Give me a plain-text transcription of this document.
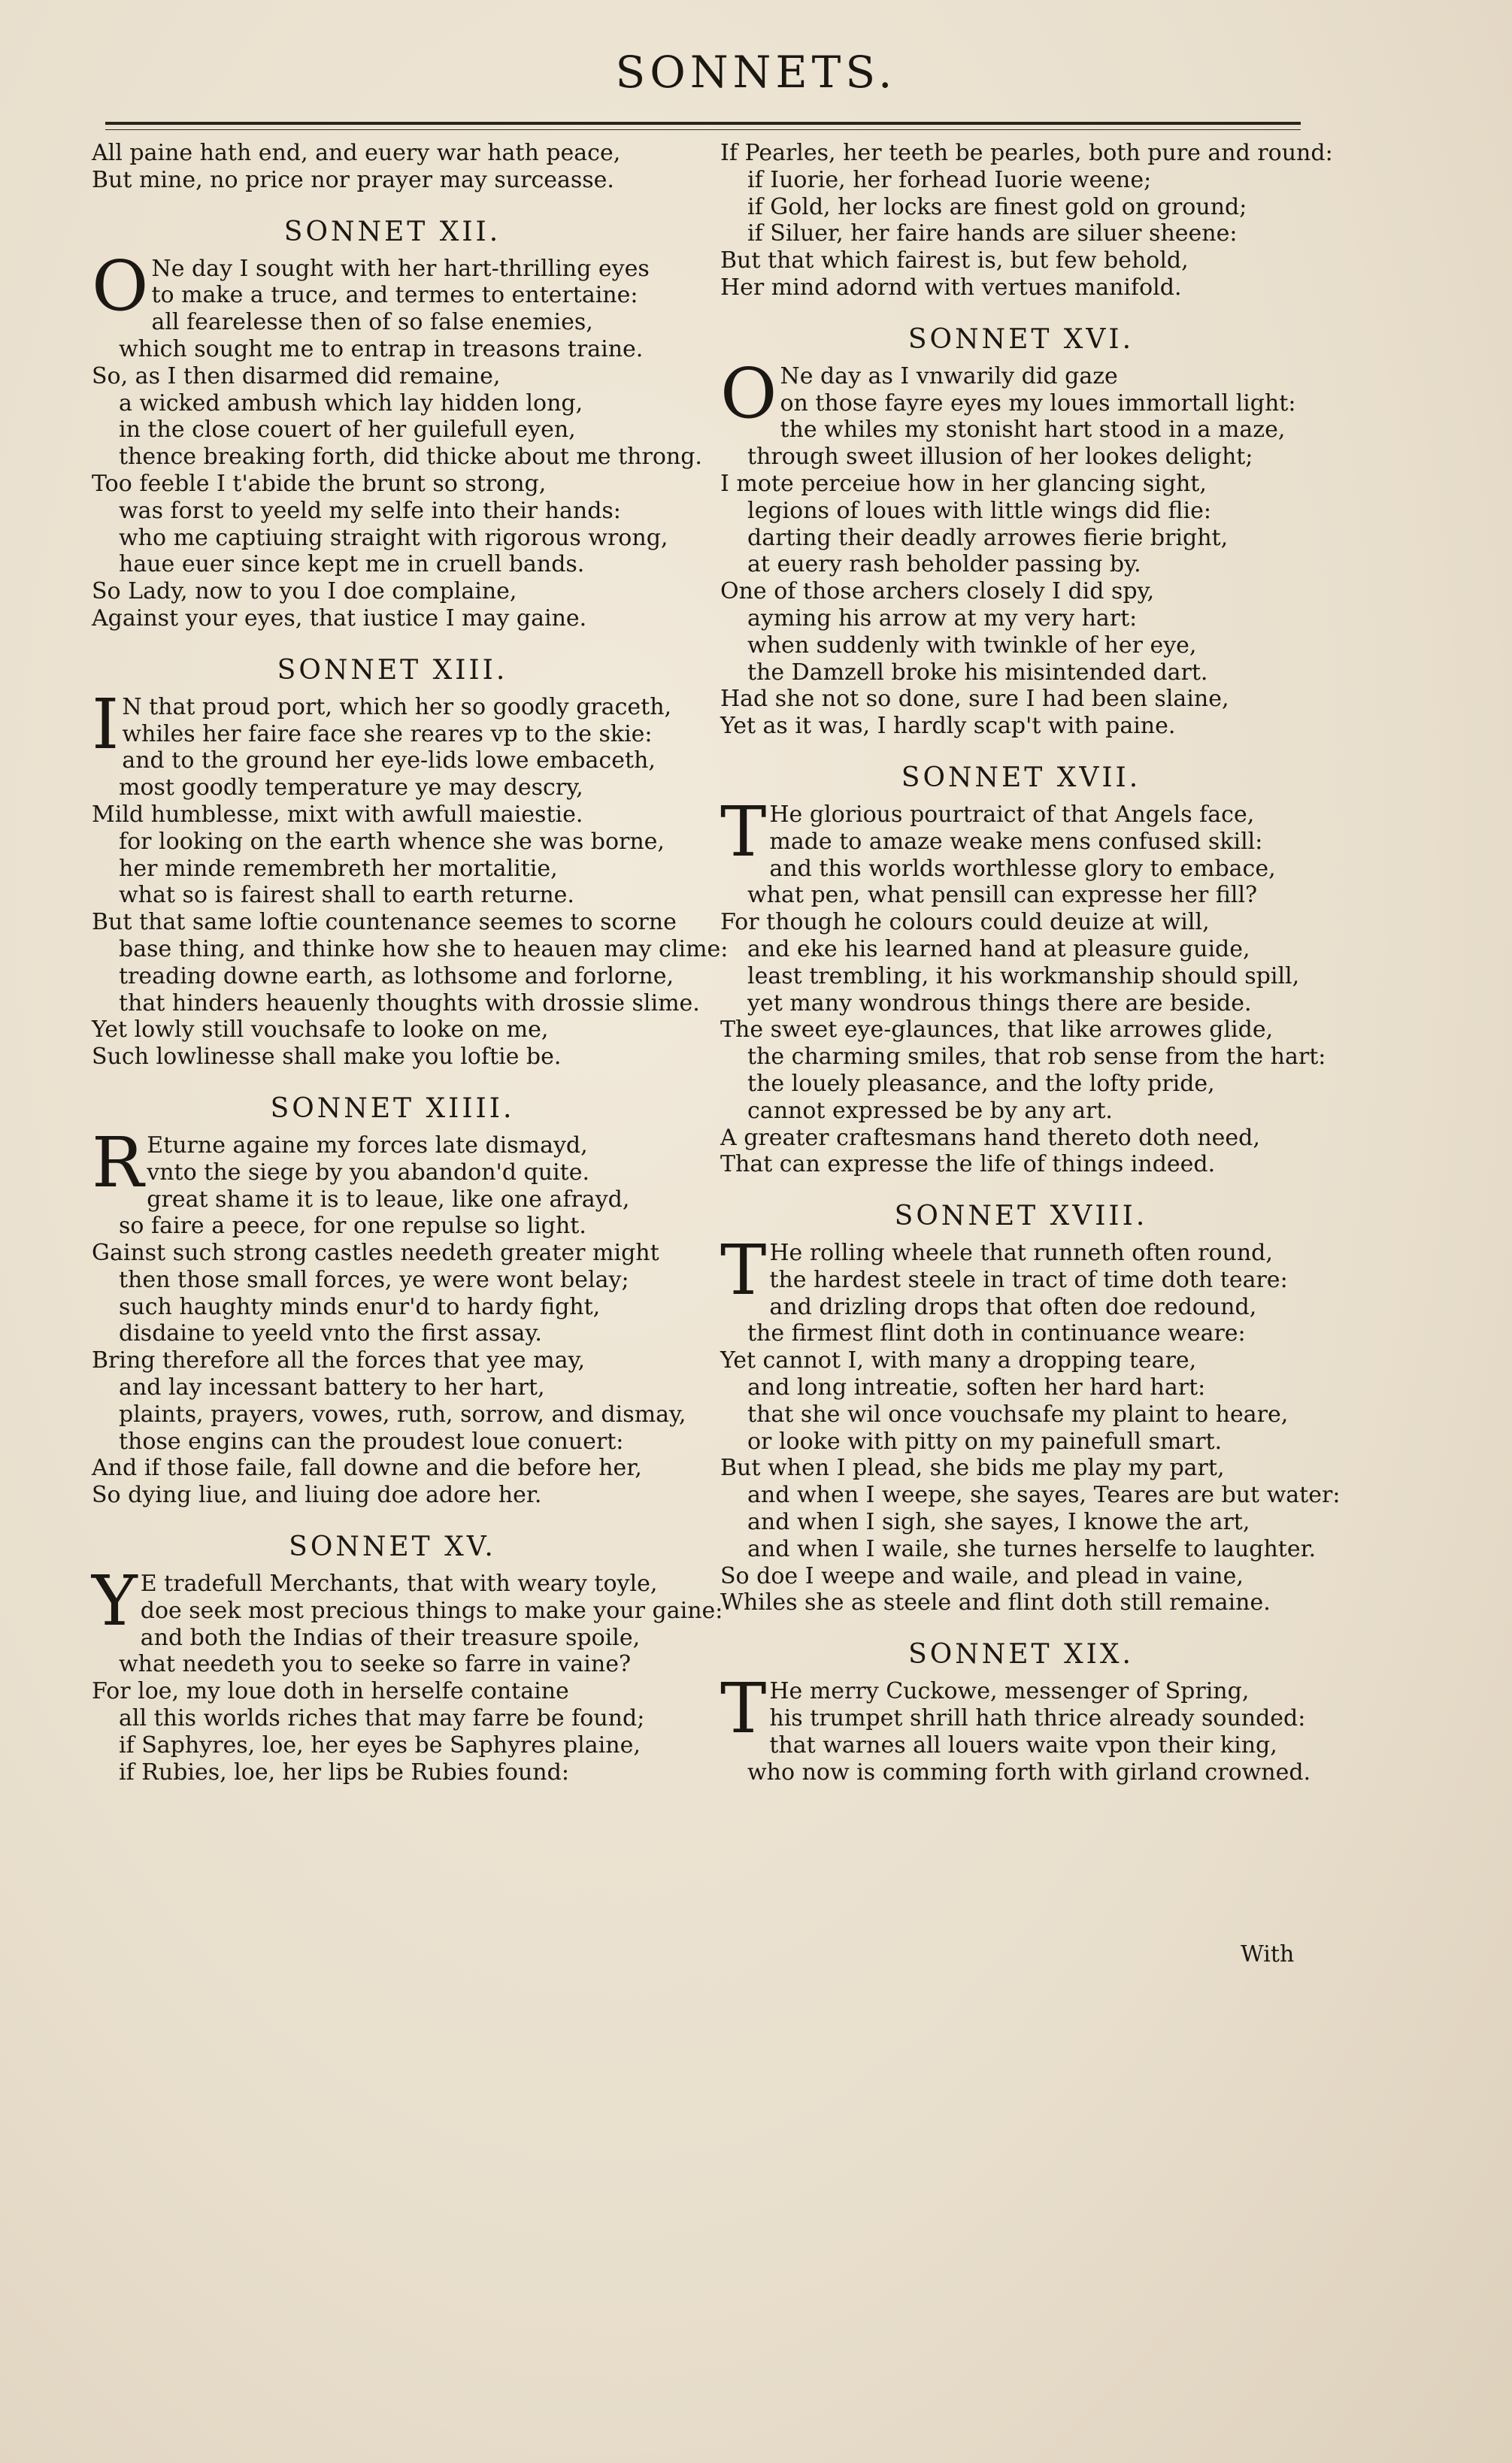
SONNETS.
All paine hath end, and euery war hath peace,
But mine, no price nor prayer may surceasse.
SONNET XII.
O Ne day I sought with her hart-thrilling eyes
to make a truce, and termes to entertaine:
all fearelesse then of so false enemies,
which sought me to entrap in treasons traine.
So, as I then disarmed did remaine,
a wicked ambush which lay hidden long,
in the close couert of her guilefull eyen,
thence breaking forth, did thicke about me throng.
Too feeble I t'abide the brunt so strong,
was forst to yeeld my selfe into their hands:
who me captiuing straight with rigorous wrong,
haue euer since kept me in cruell bands.
So Lady, now to you I doe complaine,
Against your eyes, that iustice I may gaine.
SONNET XIII.
I N that proud port, which her so goodly graceth,
whiles her faire face she reares vp to the skie:
and to the ground her eye-lids lowe embaceth,
most goodly temperature ye may descry,
Mild humblesse, mixt with awfull maiestie.
for looking on the earth whence she was borne,
her minde remembreth her mortalitie,
what so is fairest shall to earth returne.
But that same loftie countenance seemes to scorne
base thing, and thinke how she to heauen may clime:
treading downe earth, as lothsome and forlorne,
that hinders heauenly thoughts with drossie slime.
Yet lowly still vouchsafe to looke on me,
Such lowlinesse shall make you loftie be.
SONNET XIIII.
R Eturne againe my forces late dismayd,
vnto the siege by you abandon'd quite.
great shame it is to leaue, like one afrayd,
so faire a peece, for one repulse so light.
Gainst such strong castles needeth greater might
then those small forces, ye were wont belay;
such haughty minds enur'd to hardy fight,
disdaine to yeeld vnto the first assay.
Bring therefore all the forces that yee may,
and lay incessant battery to her hart,
plaints, prayers, vowes, ruth, sorrow, and dismay,
those engins can the proudest loue conuert:
And if those faile, fall downe and die before her,
So dying liue, and liuing doe adore her.
SONNET XV.
Y E tradefull Merchants, that with weary toyle,
doe seek most precious things to make your gaine:
and both the Indias of their treasure spoile,
what needeth you to seeke so farre in vaine?
For loe, my loue doth in herselfe containe
all this worlds riches that may farre be found;
if Saphyres, loe, her eyes be Saphyres plaine,
if Rubies, loe, her lips be Rubies found:
If Pearles, her teeth be pearles, both pure and round:
if Iuorie, her forhead Iuorie weene;
if Gold, her locks are finest gold on ground;
if Siluer, her faire hands are siluer sheene:
But that which fairest is, but few behold,
Her mind adornd with vertues manifold.
SONNET XVI.
O Ne day as I vnwarily did gaze
on those fayre eyes my loues immortall light:
the whiles my stonisht hart stood in a maze,
through sweet illusion of her lookes delight;
I mote perceiue how in her glancing sight,
legions of loues with little wings did flie:
darting their deadly arrowes fierie bright,
at euery rash beholder passing by.
One of those archers closely I did spy,
ayming his arrow at my very hart:
when suddenly with twinkle of her eye,
the Damzell broke his misintended dart.
Had she not so done, sure I had been slaine,
Yet as it was, I hardly scap't with paine.
SONNET XVII.
T He glorious pourtraict of that Angels face,
made to amaze weake mens confused skill:
and this worlds worthlesse glory to embace,
what pen, what pensill can expresse her fill?
For though he colours could deuize at will,
and eke his learned hand at pleasure guide,
least trembling, it his workmanship should spill,
yet many wondrous things there are beside.
The sweet eye-glaunces, that like arrowes glide,
the charming smiles, that rob sense from the hart:
the louely pleasance, and the lofty pride,
cannot expressed be by any art.
A greater craftesmans hand thereto doth need,
That can expresse the life of things indeed.
SONNET XVIII.
T He rolling wheele that runneth often round,
the hardest steele in tract of time doth teare:
and drizling drops that often doe redound,
the firmest flint doth in continuance weare:
Yet cannot I, with many a dropping teare,
and long intreatie, soften her hard hart:
that she wil once vouchsafe my plaint to heare,
or looke with pitty on my painefull smart.
But when I plead, she bids me play my part,
and when I weepe, she sayes, Teares are but water:
and when I sigh, she sayes, I knowe the art,
and when I waile, she turnes herselfe to laughter.
So doe I weepe and waile, and plead in vaine,
Whiles she as steele and flint doth still remaine.
SONNET XIX.
T He merry Cuckowe, messenger of Spring,
his trumpet shrill hath thrice already sounded:
that warnes all louers waite vpon their king,
who now is comming forth with girland crowned.
With
